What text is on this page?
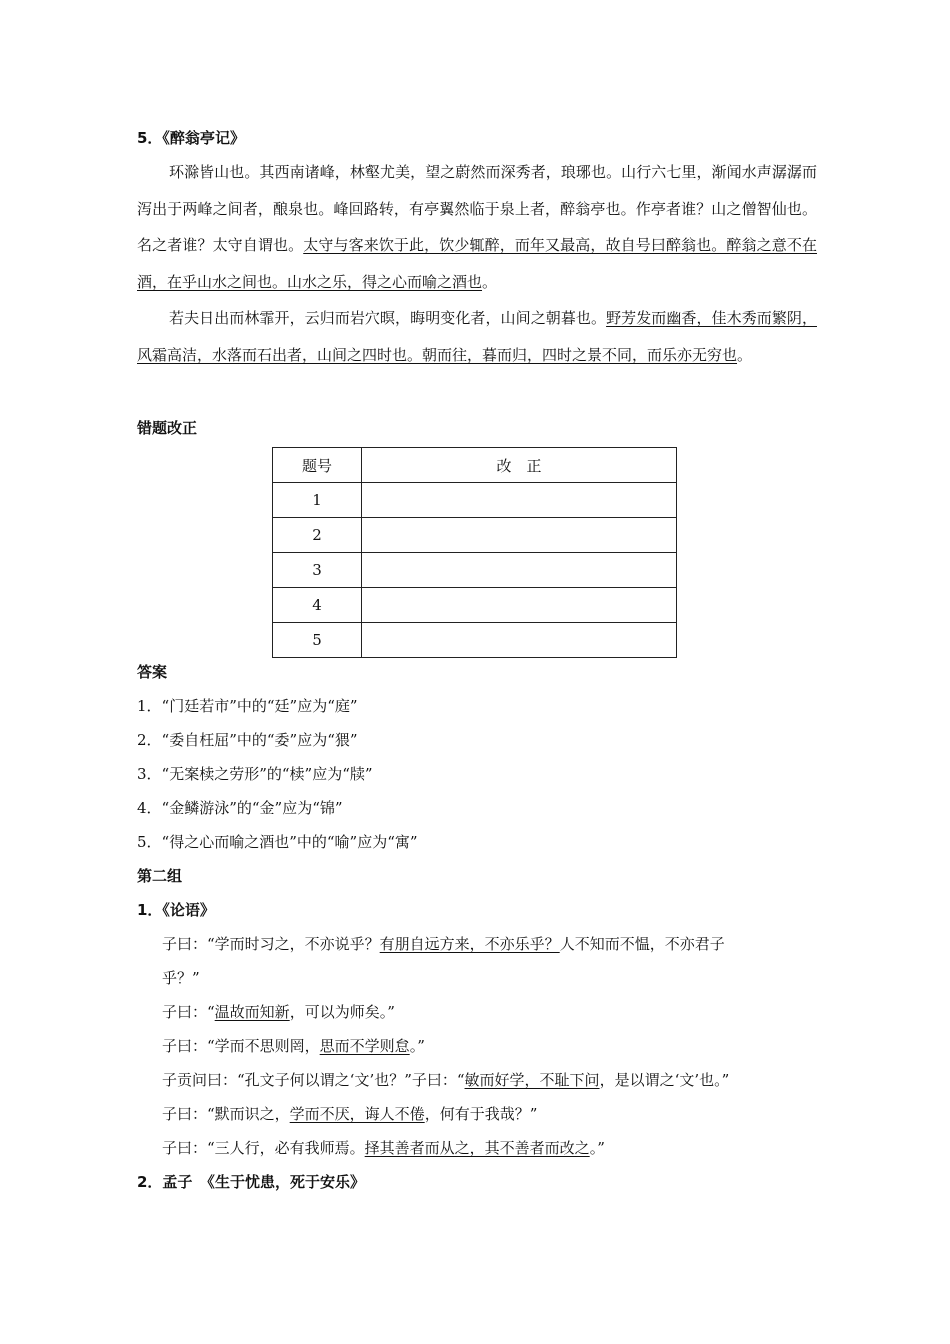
5．《醉翁亭记》
环滁皆山也。其西南诸峰，林壑尤美，望之蔚然而深秀者，琅琊也。山行六七里，渐闻水声潺潺而泻出于两峰之间者，酿泉也。峰回路转，有亭翼然临于泉上者，醉翁亭也。作亭者谁？山之僧智仙也。名之者谁？太守自谓也。太守与客来饮于此，饮少辄醉，而年又最高，故自号曰醉翁也。醉翁之意不在酒，在乎山水之间也。山水之乐，得之心而喻之酒也。
若夫日出而林霏开，云归而岩穴暝，晦明变化者，山间之朝暮也。野芳发而幽香，佳木秀而繁阴，风霜高洁，水落而石出者，山间之四时也。朝而往，暮而归，四时之景不同，而乐亦无穷也。
错题改正
题号	改　正
1	
2	
3	
4	
5	
答案
1．“门廷若市”中的“廷”应为“庭”
2．“委自枉屈”中的“委”应为“猥”
3．“无案椟之劳形”的“椟”应为“牍”
4．“金鳞游泳”的“金”应为“锦”
5．“得之心而喻之酒也”中的“喻”应为“寓”
第二组
1．《论语》
子曰：“学而时习之，不亦说乎？有朋自远方来，不亦乐乎？人不知而不愠，不亦君子
乎？”
子曰：“温故而知新，可以为师矣。”
子曰：“学而不思则罔，思而不学则怠。”
子贡问曰：“孔文子何以谓之‘文’也？”子曰：“敏而好学，不耻下问，是以谓之‘文’也。”
子曰：“默而识之，学而不厌，诲人不倦，何有于我哉？”
子曰：“三人行，必有我师焉。择其善者而从之，其不善者而改之。”
2．孟子　《生于忧患，死于安乐》
